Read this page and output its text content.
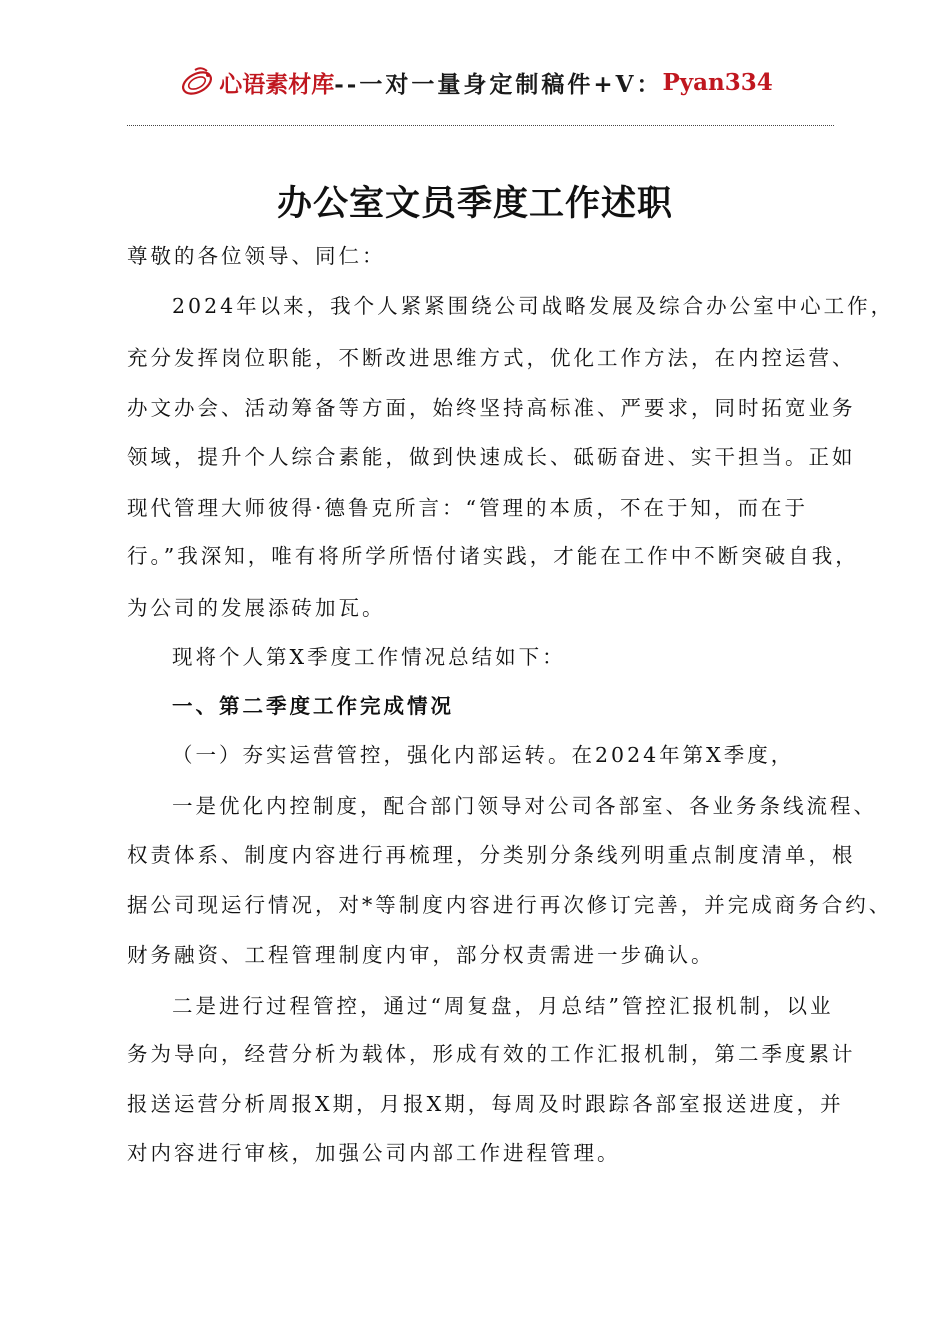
心语素材库 --一对一量身定制稿件+V： Pyan334
办公室文员季度工作述职
尊敬的各位领导、同仁：
2024年以来，我个人紧紧围绕公司战略发展及综合办公室中心工作，
充分发挥岗位职能，不断改进思维方式，优化工作方法，在内控运营、
办文办会、活动筹备等方面，始终坚持高标准、严要求，同时拓宽业务
领域，提升个人综合素能，做到快速成长、砥砺奋进、实干担当。正如
现代管理大师彼得·德鲁克所言：“管理的本质，不在于知，而在于
行。”我深知，唯有将所学所悟付诸实践，才能在工作中不断突破自我，
为公司的发展添砖加瓦。
现将个人第X季度工作情况总结如下：
一、第二季度工作完成情况
（一）夯实运营管控，强化内部运转。在2024年第X季度，
一是优化内控制度，配合部门领导对公司各部室、各业务条线流程、
权责体系、制度内容进行再梳理，分类别分条线列明重点制度清单，根
据公司现运行情况，对*等制度内容进行再次修订完善，并完成商务合约、
财务融资、工程管理制度内审，部分权责需进一步确认。
二是进行过程管控，通过“周复盘，月总结”管控汇报机制，以业
务为导向，经营分析为载体，形成有效的工作汇报机制，第二季度累计
报送运营分析周报X期，月报X期，每周及时跟踪各部室报送进度，并
对内容进行审核，加强公司内部工作进程管理。
